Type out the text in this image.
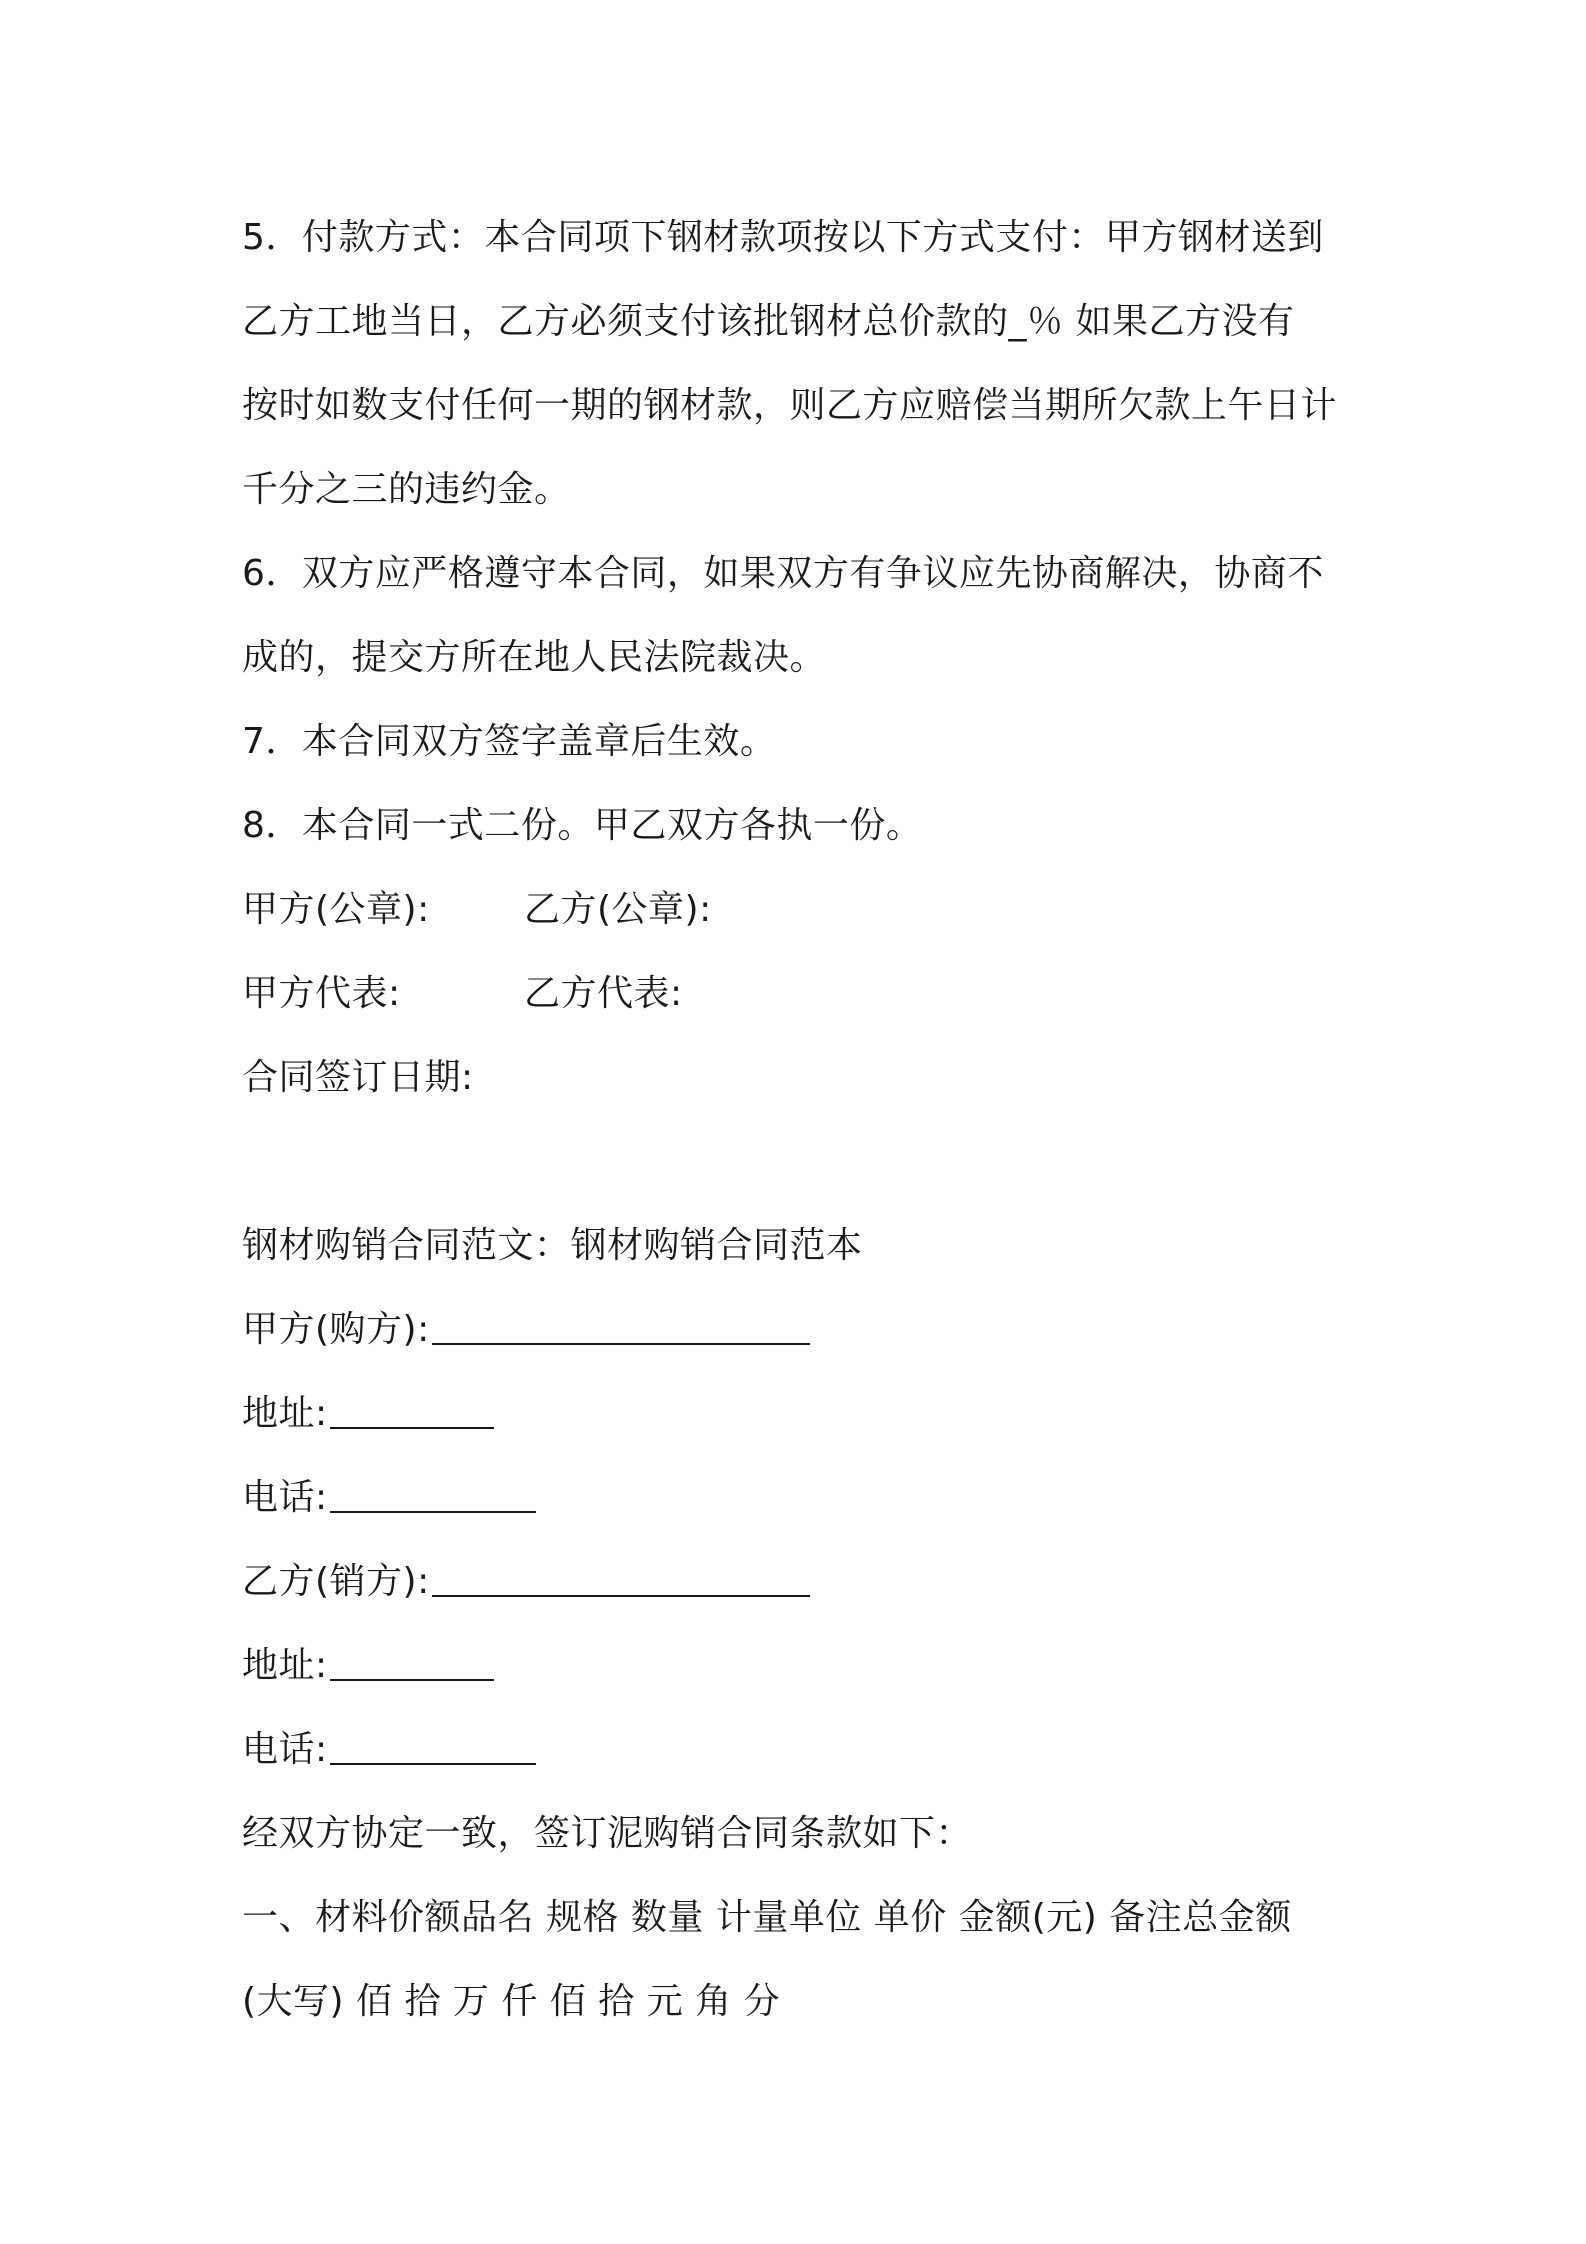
5．付款方式：本合同项下钢材款项按以下方式支付：甲方钢材送到
乙方工地当日，乙方必须支付该批钢材总价款的_％ 如果乙方没有
按时如数支付任何一期的钢材款，则乙方应赔偿当期所欠款上午日计
千分之三的违约金。
6．双方应严格遵守本合同，如果双方有争议应先协商解决，协商不
成的，提交方所在地人民法院裁决。
7．本合同双方签字盖章后生效。
8．本合同一式二份。甲乙双方各执一份。
甲方(公章):	乙方(公章):
甲方代表:	乙方代表:
合同签订日期:
钢材购销合同范文：钢材购销合同范本
甲方(购方):
地址:
电话:
乙方(销方):
地址:
电话:
经双方协定一致，签订泥购销合同条款如下：
一、材料价额品名 规格 数量 计量单位 单价 金额(元) 备注总金额
(大写) 佰 拾 万 仟 佰 拾 元 角 分
